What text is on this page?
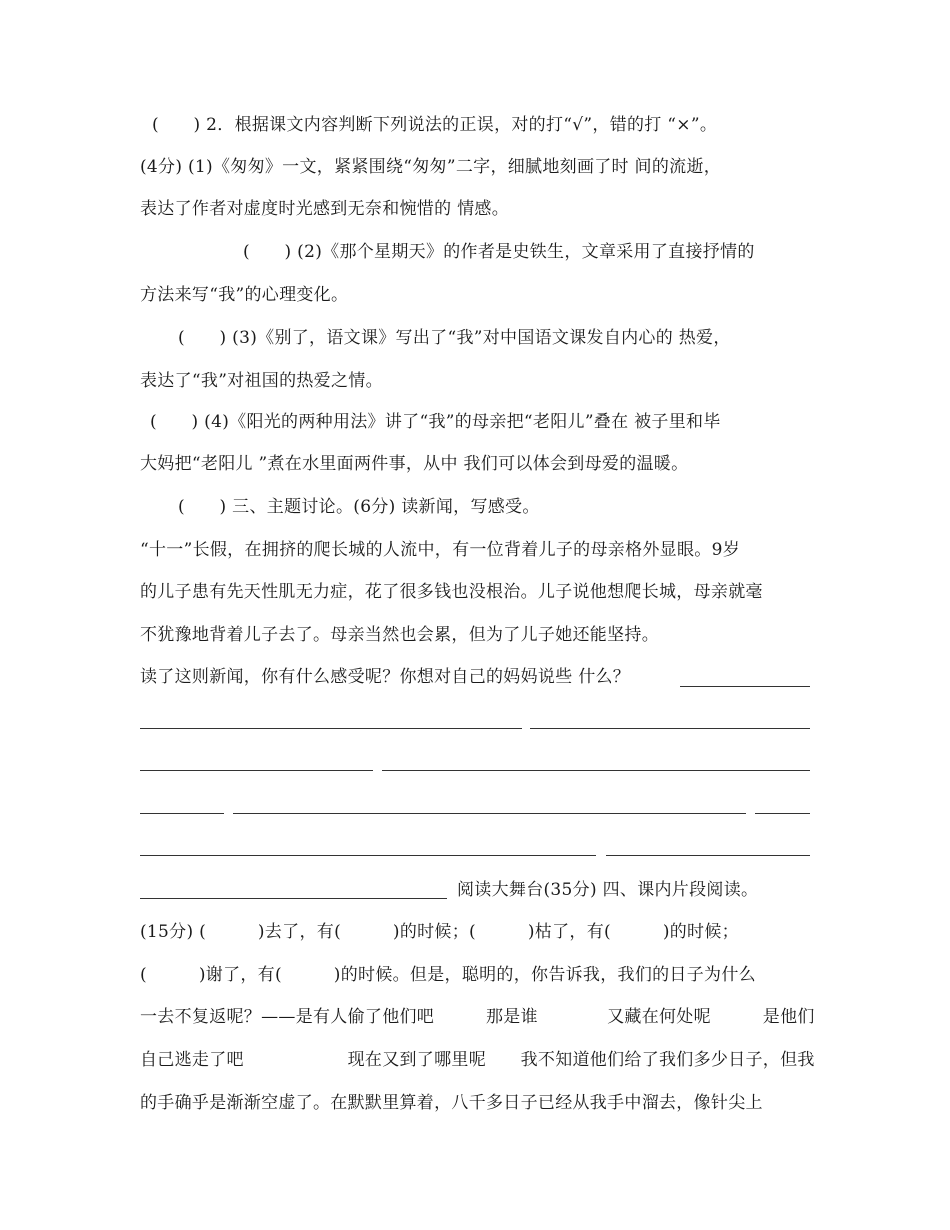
(　　) 2．根据课文内容判断下列说法的正误，对的打“√”，错的打 “×”。
(4分) (1)《匆匆》一文，紧紧围绕“匆匆”二字，细腻地刻画了时 间的流逝，
表达了作者对虚度时光感到无奈和惋惜的 情感。
(　　) (2)《那个星期天》的作者是史铁生，文章采用了直接抒情的
方法来写“我”的心理变化。
(　　) (3)《别了，语文课》写出了“我”对中国语文课发自内心的 热爱，
表达了“我”对祖国的热爱之情。
(　　) (4)《阳光的两种用法》讲了“我”的母亲把“老阳儿”叠在 被子里和毕
大妈把“老阳儿 ”煮在水里面两件事，从中 我们可以体会到母爱的温暖。
(　　) 三、主题讨论。(6分) 读新闻，写感受。
“十一”长假，在拥挤的爬长城的人流中，有一位背着儿子的母亲格外显眼。9岁
的儿子患有先天性肌无力症，花了很多钱也没根治。儿子说他想爬长城，母亲就毫
不犹豫地背着儿子去了。母亲当然也会累，但为了儿子她还能坚持。
读了这则新闻，你有什么感受呢？你想对自己的妈妈说些 什么？
阅读大舞台(35分) 四、课内片段阅读。
(15分) (　　　)去了，有(　　　)的时候；(　　　)枯了，有(　　　)的时候；
(　　　)谢了，有(　　　)的时候。但是，聪明的，你告诉我，我们的日子为什么
一去不复返呢？——是有人偷了他们吧　　　那是谁　　　　又藏在何处呢　　　是他们
自己逃走了吧　　　　　　现在又到了哪里呢　　我不知道他们给了我们多少日子，但我
的手确乎是渐渐空虚了。在默默里算着，八千多日子已经从我手中溜去，像针尖上
